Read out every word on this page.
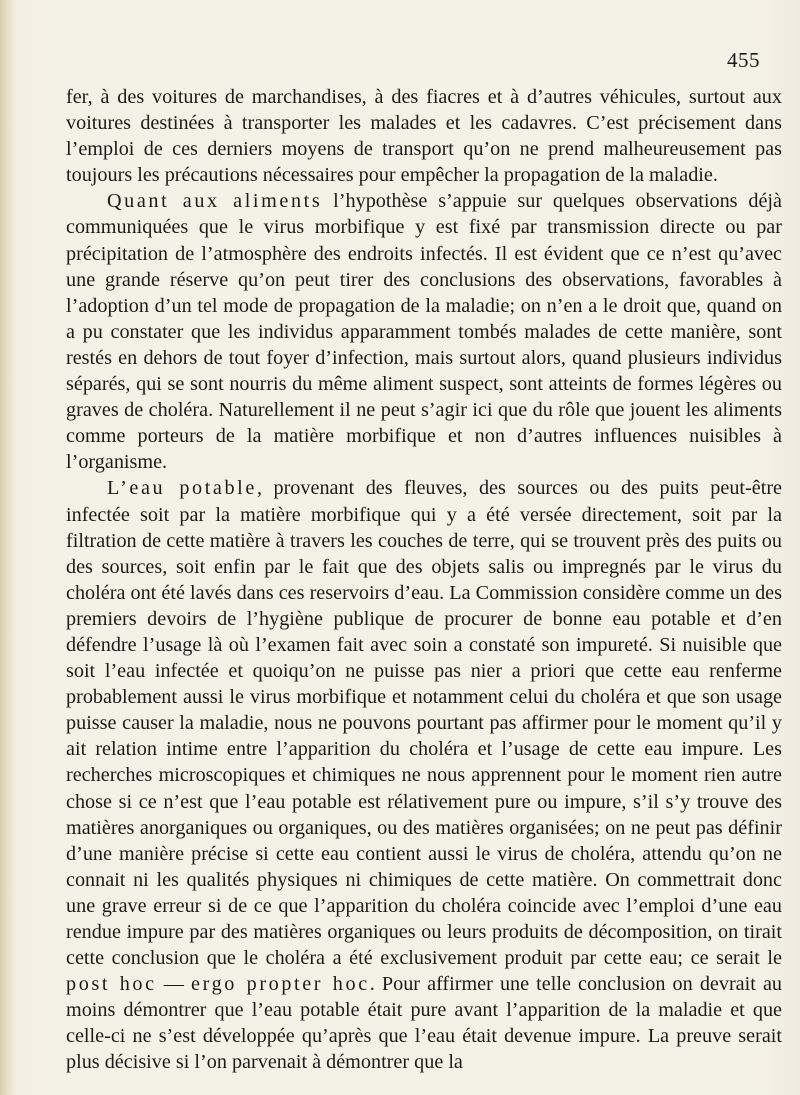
455

fer, à des voitures de marchandises, à des fiacres et à d’autres véhicules, surtout aux voitures destinées à transporter les malades et les cadavres. C’est précisement dans l’emploi de ces derniers moyens de transport qu’on ne prend malheureusement pas toujours les précautions nécessaires pour empêcher la propagation de la maladie.

Quant aux aliments l’hypothèse s’appuie sur quelques observations déjà communiquées que le virus morbifique y est fixé par transmission directe ou par précipitation de l’atmosphère des endroits infectés. Il est évident que ce n’est qu’avec une grande réserve qu’on peut tirer des conclusions des observations, favorables à l’adoption d’un tel mode de propagation de la maladie; on n’en a le droit que, quand on a pu constater que les individus apparamment tombés malades de cette manière, sont restés en dehors de tout foyer d’infection, mais surtout alors, quand plusieurs individus séparés, qui se sont nourris du même aliment suspect, sont atteints de formes légères ou graves de choléra. Naturellement il ne peut s’agir ici que du rôle que jouent les aliments comme porteurs de la matière morbifique et non d’autres influences nuisibles à l’organisme.

L’eau potable, provenant des fleuves, des sources ou des puits peut-être infectée soit par la matière morbifique qui y a été versée directement, soit par la filtration de cette matière à travers les couches de terre, qui se trouvent près des puits ou des sources, soit enfin par le fait que des objets salis ou impregnés par le virus du choléra ont été lavés dans ces reservoirs d’eau. La Commission considère comme un des premiers devoirs de l’hygiène publique de procurer de bonne eau potable et d’en défendre l’usage là où l’examen fait avec soin a constaté son impureté. Si nuisible que soit l’eau infectée et quoiqu’on ne puisse pas nier a priori que cette eau renferme probablement aussi le virus morbifique et notamment celui du choléra et que son usage puisse causer la maladie, nous ne pouvons pourtant pas affirmer pour le moment qu’il y ait relation intime entre l’apparition du choléra et l’usage de cette eau impure. Les recherches microscopiques et chimiques ne nous apprennent pour le moment rien autre chose si ce n’est que l’eau potable est rélativement pure ou impure, s’il s’y trouve des matières anorganiques ou organiques, ou des matières organisées; on ne peut pas définir d’une manière précise si cette eau contient aussi le virus de choléra, attendu qu’on ne connait ni les qualités physiques ni chimiques de cette matière. On commettrait donc une grave erreur si de ce que l’apparition du choléra coincide avec l’emploi d’une eau rendue impure par des matières organiques ou leurs produits de décomposition, on tirait cette conclusion que le choléra a été exclusivement produit par cette eau; ce serait le post hoc — ergo propter hoc. Pour affirmer une telle conclusion on devrait au moins démontrer que l’eau potable était pure avant l’apparition de la maladie et que celle-ci ne s’est développée qu’après que l’eau était devenue impure. La preuve serait plus décisive si l’on parvenait à démontrer que la
